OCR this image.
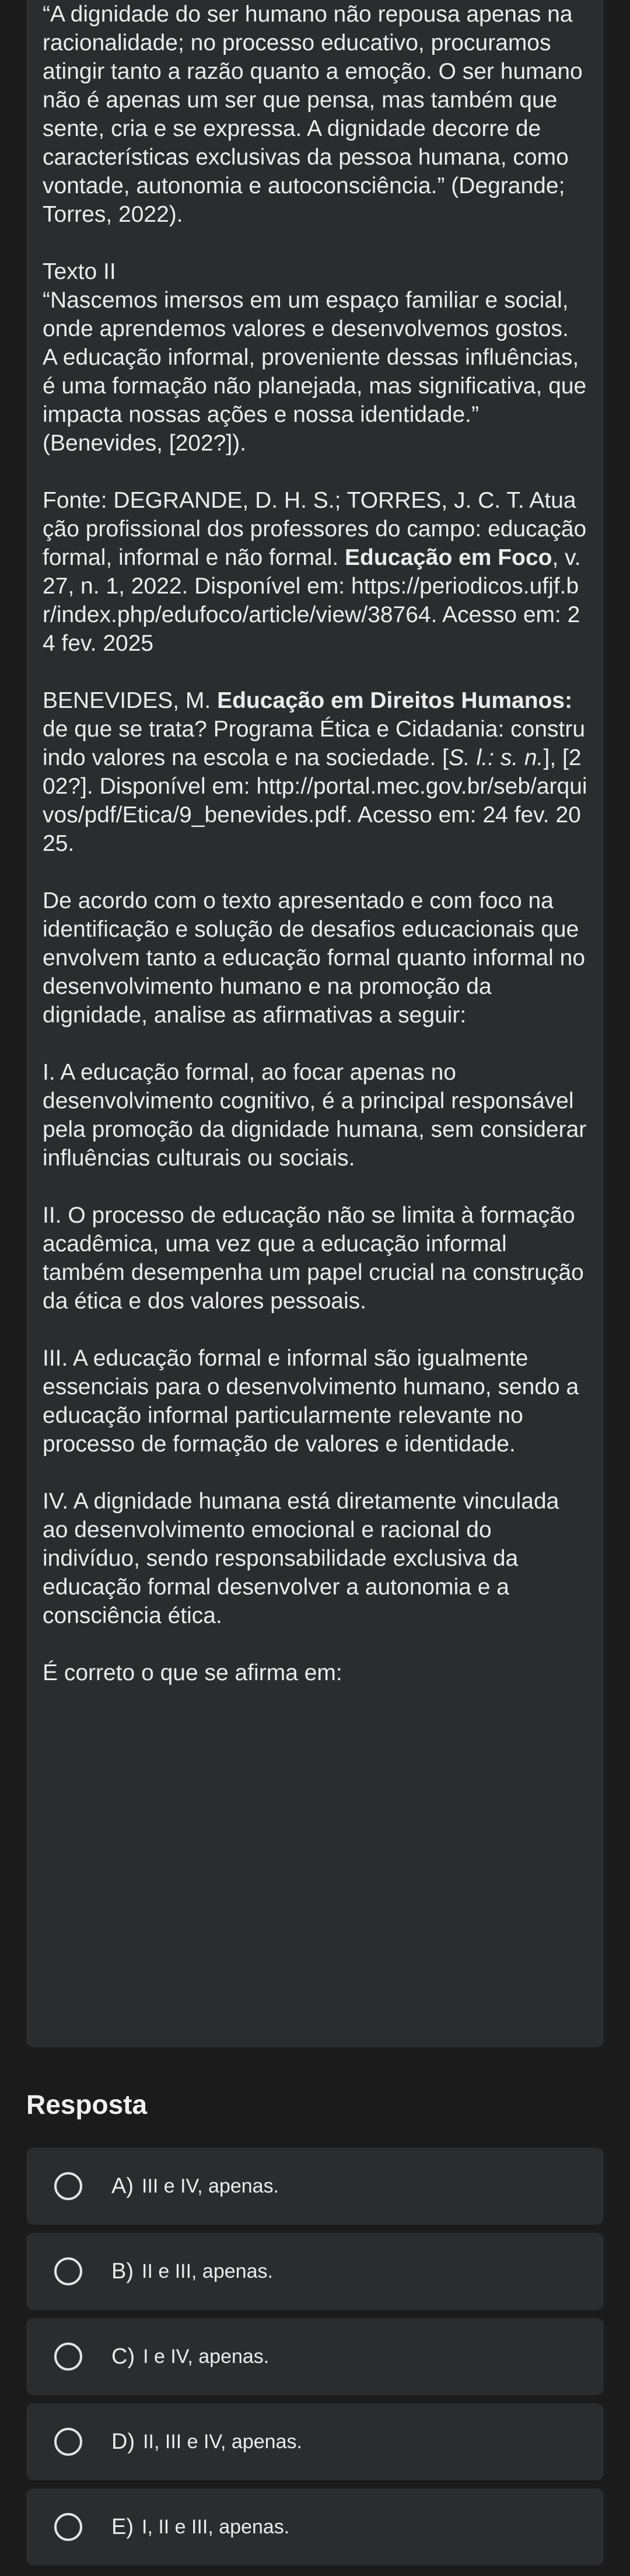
“A dignidade do ser humano não repousa apenas na racionalidade; no processo educativo, procuramos atingir tanto a razão quanto a emoção. O ser humano não é apenas um ser que pensa, mas também que sente, cria e se expressa. A dignidade decorre de características exclusivas da pessoa humana, como vontade, autonomia e autoconsciência.” (Degrande; Torres, 2022).

Texto II

“Nascemos imersos em um espaço familiar e social, onde aprendemos valores e desenvolvemos gostos. A educação informal, proveniente dessas influências, é uma formação não planejada, mas significativa, que impacta nossas ações e nossa identidade.” (Benevides, [202?]).

Fonte: DEGRANDE, D. H. S.; TORRES, J. C. T. Atuação profissional dos professores do campo: educação formal, informal e não formal. Educação em Foco, v. 27, n. 1, 2022. Disponível em: https://periodicos.ufjf.br/index.php/edufoco/article/view/38764. Acesso em: 24 fev. 2025

BENEVIDES, M. Educação em Direitos Humanos: de que se trata? Programa Ética e Cidadania: construindo valores na escola e na sociedade. [S. l.: s. n.], [202?]. Disponível em: http://portal.mec.gov.br/seb/arquivos/pdf/Etica/9_benevides.pdf. Acesso em: 24 fev. 2025.

De acordo com o texto apresentado e com foco na identificação e solução de desafios educacionais que envolvem tanto a educação formal quanto informal no desenvolvimento humano e na promoção da dignidade, analise as afirmativas a seguir:

I. A educação formal, ao focar apenas no desenvolvimento cognitivo, é a principal responsável pela promoção da dignidade humana, sem considerar influências culturais ou sociais.

II. O processo de educação não se limita à formação acadêmica, uma vez que a educação informal também desempenha um papel crucial na construção da ética e dos valores pessoais.

III. A educação formal e informal são igualmente essenciais para o desenvolvimento humano, sendo a educação informal particularmente relevante no processo de formação de valores e identidade.

IV. A dignidade humana está diretamente vinculada ao desenvolvimento emocional e racional do indivíduo, sendo responsabilidade exclusiva da educação formal desenvolver a autonomia e a consciência ética.

É correto o que se afirma em:

Resposta
A) III e IV, apenas.
B) II e III, apenas.
C) I e IV, apenas.
D) II, III e IV, apenas.
E) I, II e III, apenas.
